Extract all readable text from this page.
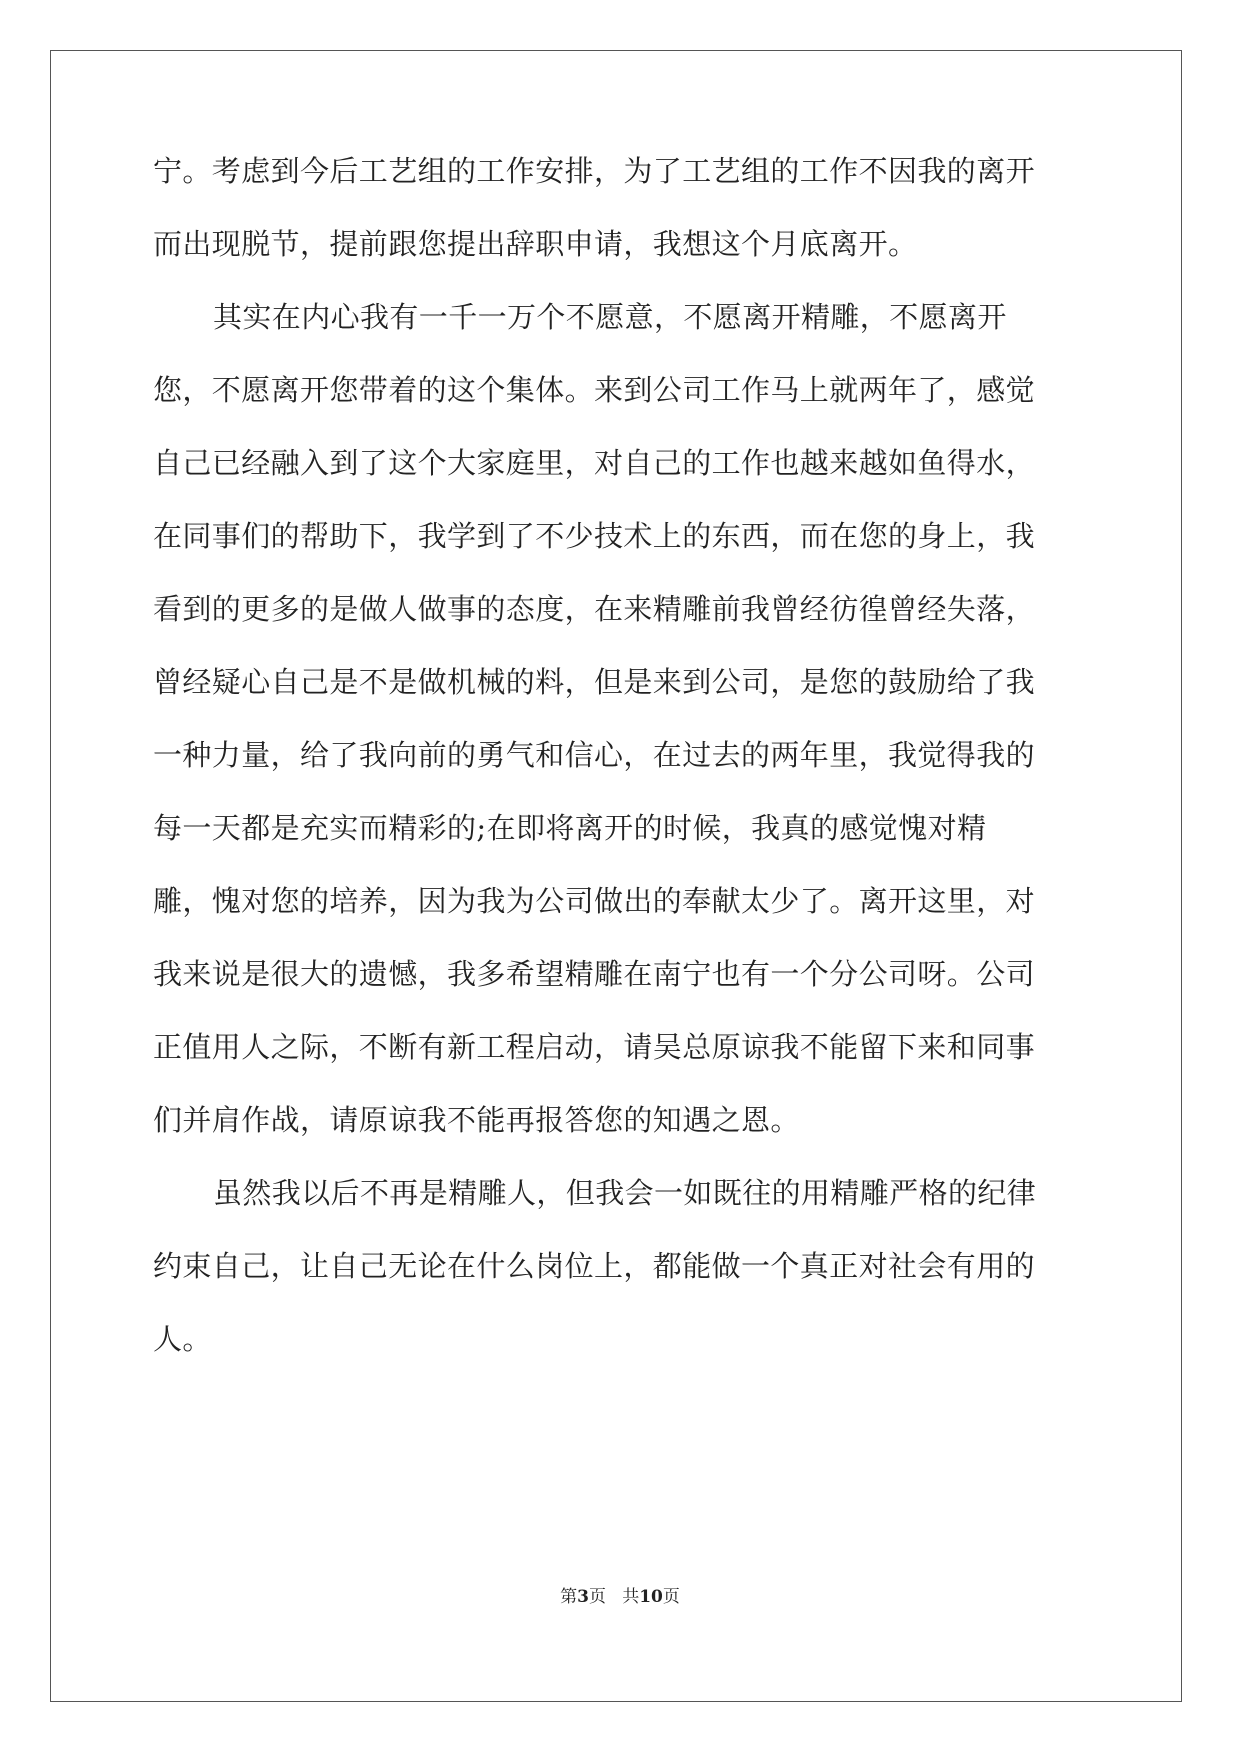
宁。考虑到今后工艺组的工作安排，为了工艺组的工作不因我的离开
而出现脱节，提前跟您提出辞职申请，我想这个月底离开。
其实在内心我有一千一万个不愿意，不愿离开精雕，不愿离开
您，不愿离开您带着的这个集体。来到公司工作马上就两年了，感觉
自己已经融入到了这个大家庭里，对自己的工作也越来越如鱼得水，
在同事们的帮助下，我学到了不少技术上的东西，而在您的身上，我
看到的更多的是做人做事的态度，在来精雕前我曾经彷徨曾经失落，
曾经疑心自己是不是做机械的料，但是来到公司，是您的鼓励给了我
一种力量，给了我向前的勇气和信心，在过去的两年里，我觉得我的
每一天都是充实而精彩的;在即将离开的时候，我真的感觉愧对精
雕，愧对您的培养，因为我为公司做出的奉献太少了。离开这里，对
我来说是很大的遗憾，我多希望精雕在南宁也有一个分公司呀。公司
正值用人之际，不断有新工程启动，请吴总原谅我不能留下来和同事
们并肩作战，请原谅我不能再报答您的知遇之恩。
虽然我以后不再是精雕人，但我会一如既往的用精雕严格的纪律
约束自己，让自己无论在什么岗位上，都能做一个真正对社会有用的
人。
第3页 共10页
